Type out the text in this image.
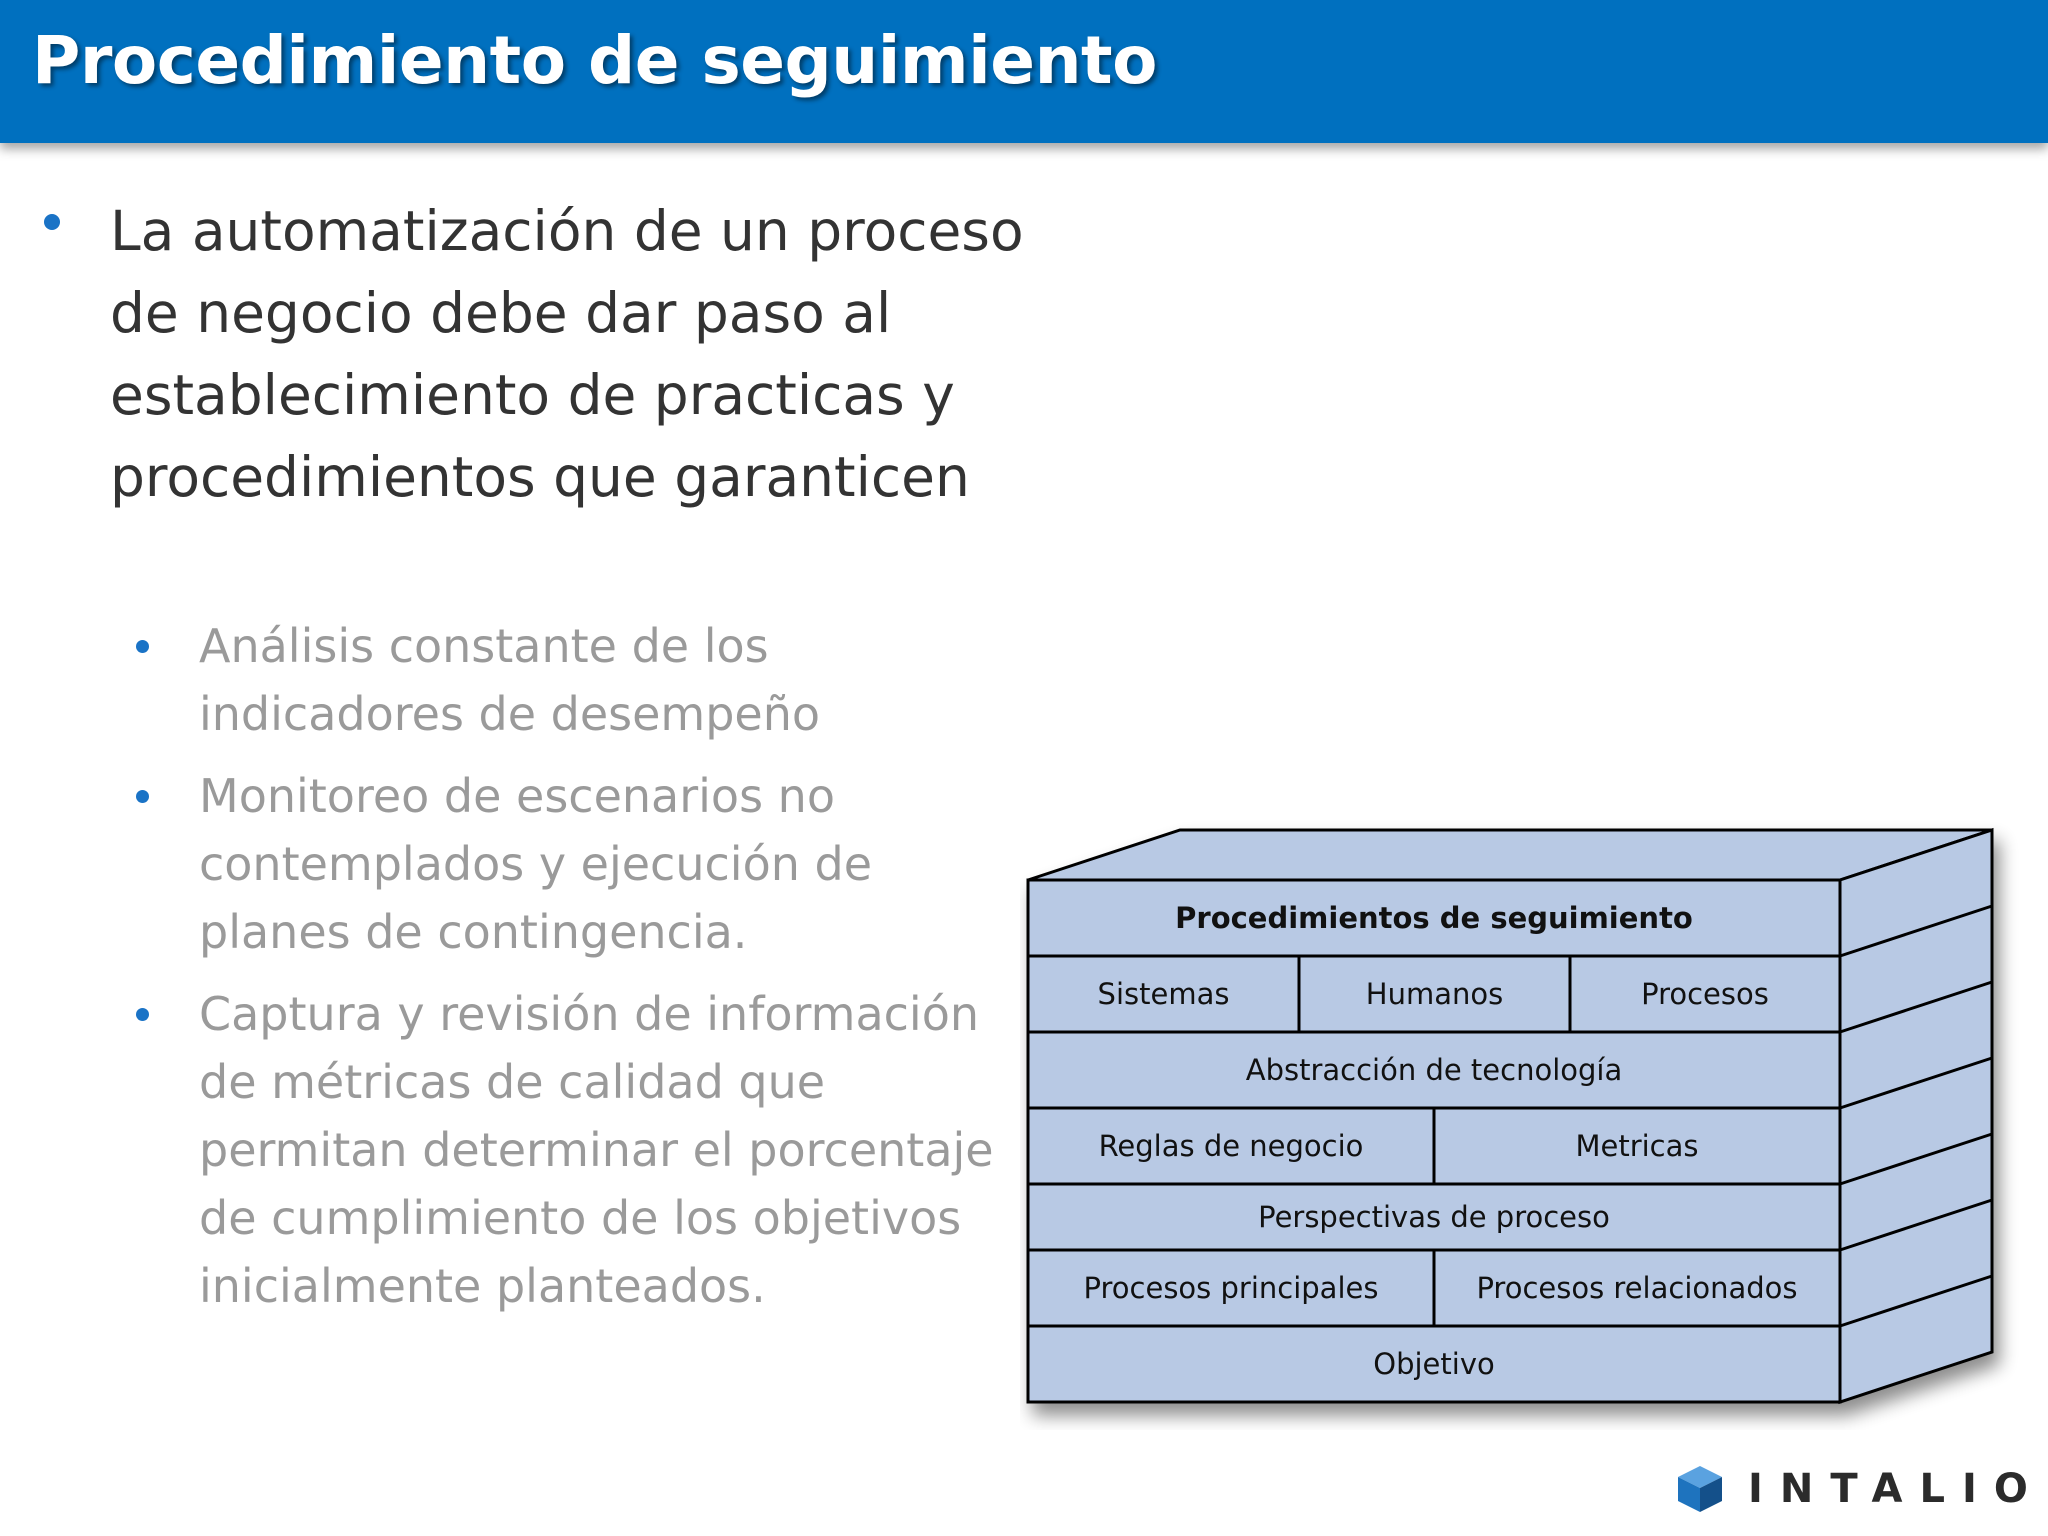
Procedimiento de seguimiento
La automatización de un proceso de negocio debe dar paso al establecimiento de practicas y procedimientos que garanticen
Análisis constante de los indicadores de desempeño
Monitoreo de escenarios no contemplados y ejecución de planes de contingencia.
Captura y revisión de información de métricas de calidad que permitan determinar el porcentaje de cumplimiento de los objetivos inicialmente planteados.
Procedimientos de seguimiento
Sistemas	Humanos	Procesos
Abstracción de tecnología
Reglas de negocio	Metricas
Perspectivas de proceso
Procesos principales	Procesos relacionados
Objetivo
INTALIO
